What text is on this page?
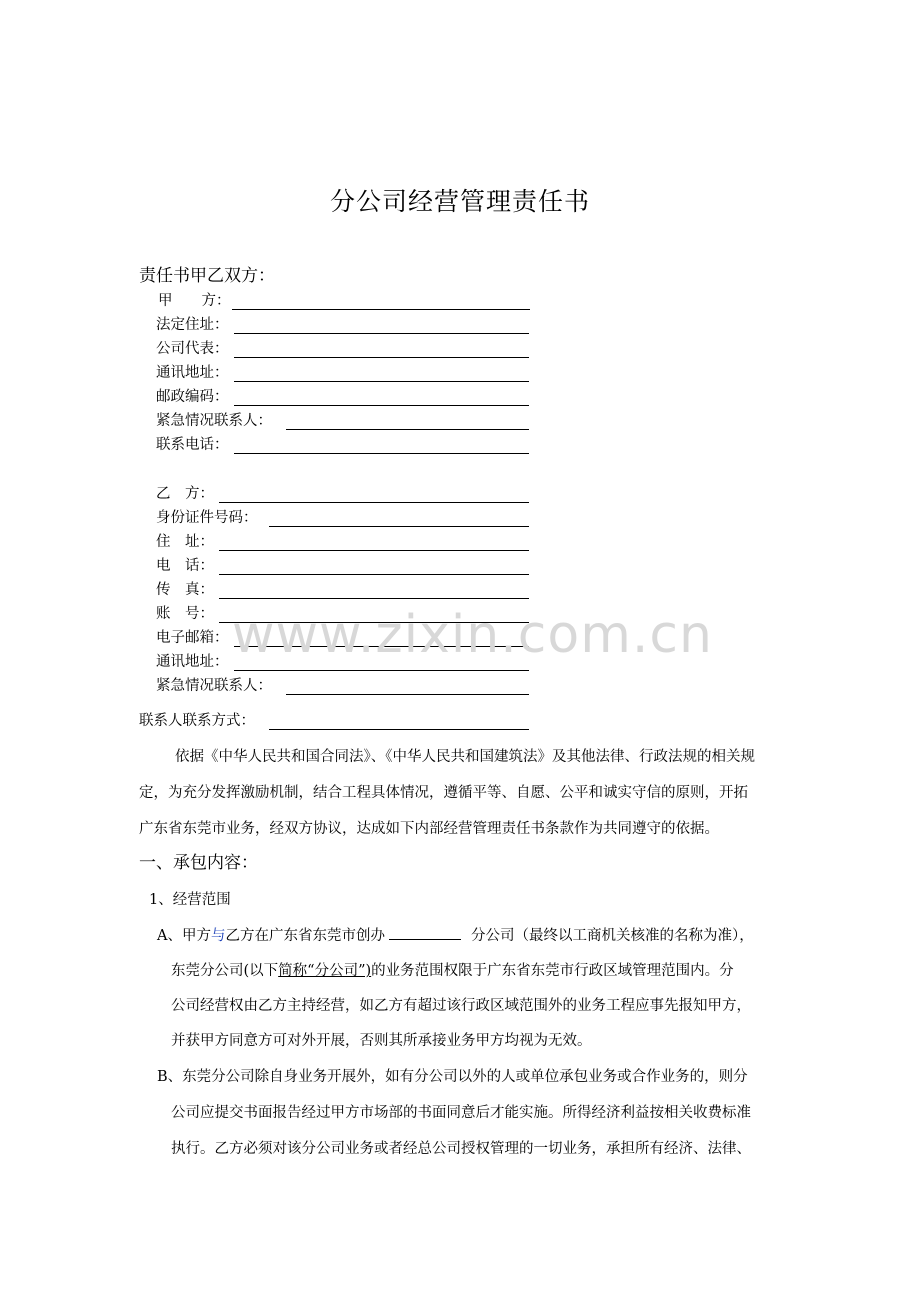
分公司经营管理责任书
责任书甲乙双方：
甲　　方：
法定住址：
公司代表：
通讯地址：
邮政编码：
紧急情况联系人：
联系电话：
乙　方：
身份证件号码：
住　址：
电　话：
传　真：
账　号：
电子邮箱：
通讯地址：
紧急情况联系人：
联系人联系方式：
依据《中华人民共和国合同法》、《中华人民共和国建筑法》及其他法律、行政法规的相关规
定，为充分发挥激励机制，结合工程具体情况，遵循平等、自愿、公平和诚实守信的原则，开拓
广东省东莞市业务，经双方协议，达成如下内部经营管理责任书条款作为共同遵守的依据。
一、承包内容：
1、经营范围
A、甲方与乙方在广东省东莞市创办	分公司（最终以工商机关核准的名称为准），
东莞分公司(以下简称“分公司”)的业务范围权限于广东省东莞市行政区域管理范围内。分
公司经营权由乙方主持经营，如乙方有超过该行政区域范围外的业务工程应事先报知甲方，
并获甲方同意方可对外开展，否则其所承接业务甲方均视为无效。
B、东莞分公司除自身业务开展外，如有分公司以外的人或单位承包业务或合作业务的，则分
公司应提交书面报告经过甲方市场部的书面同意后才能实施。所得经济利益按相关收费标准
执行。乙方必须对该分公司业务或者经总公司授权管理的一切业务，承担所有经济、法律、
www.zixin.com.cn
